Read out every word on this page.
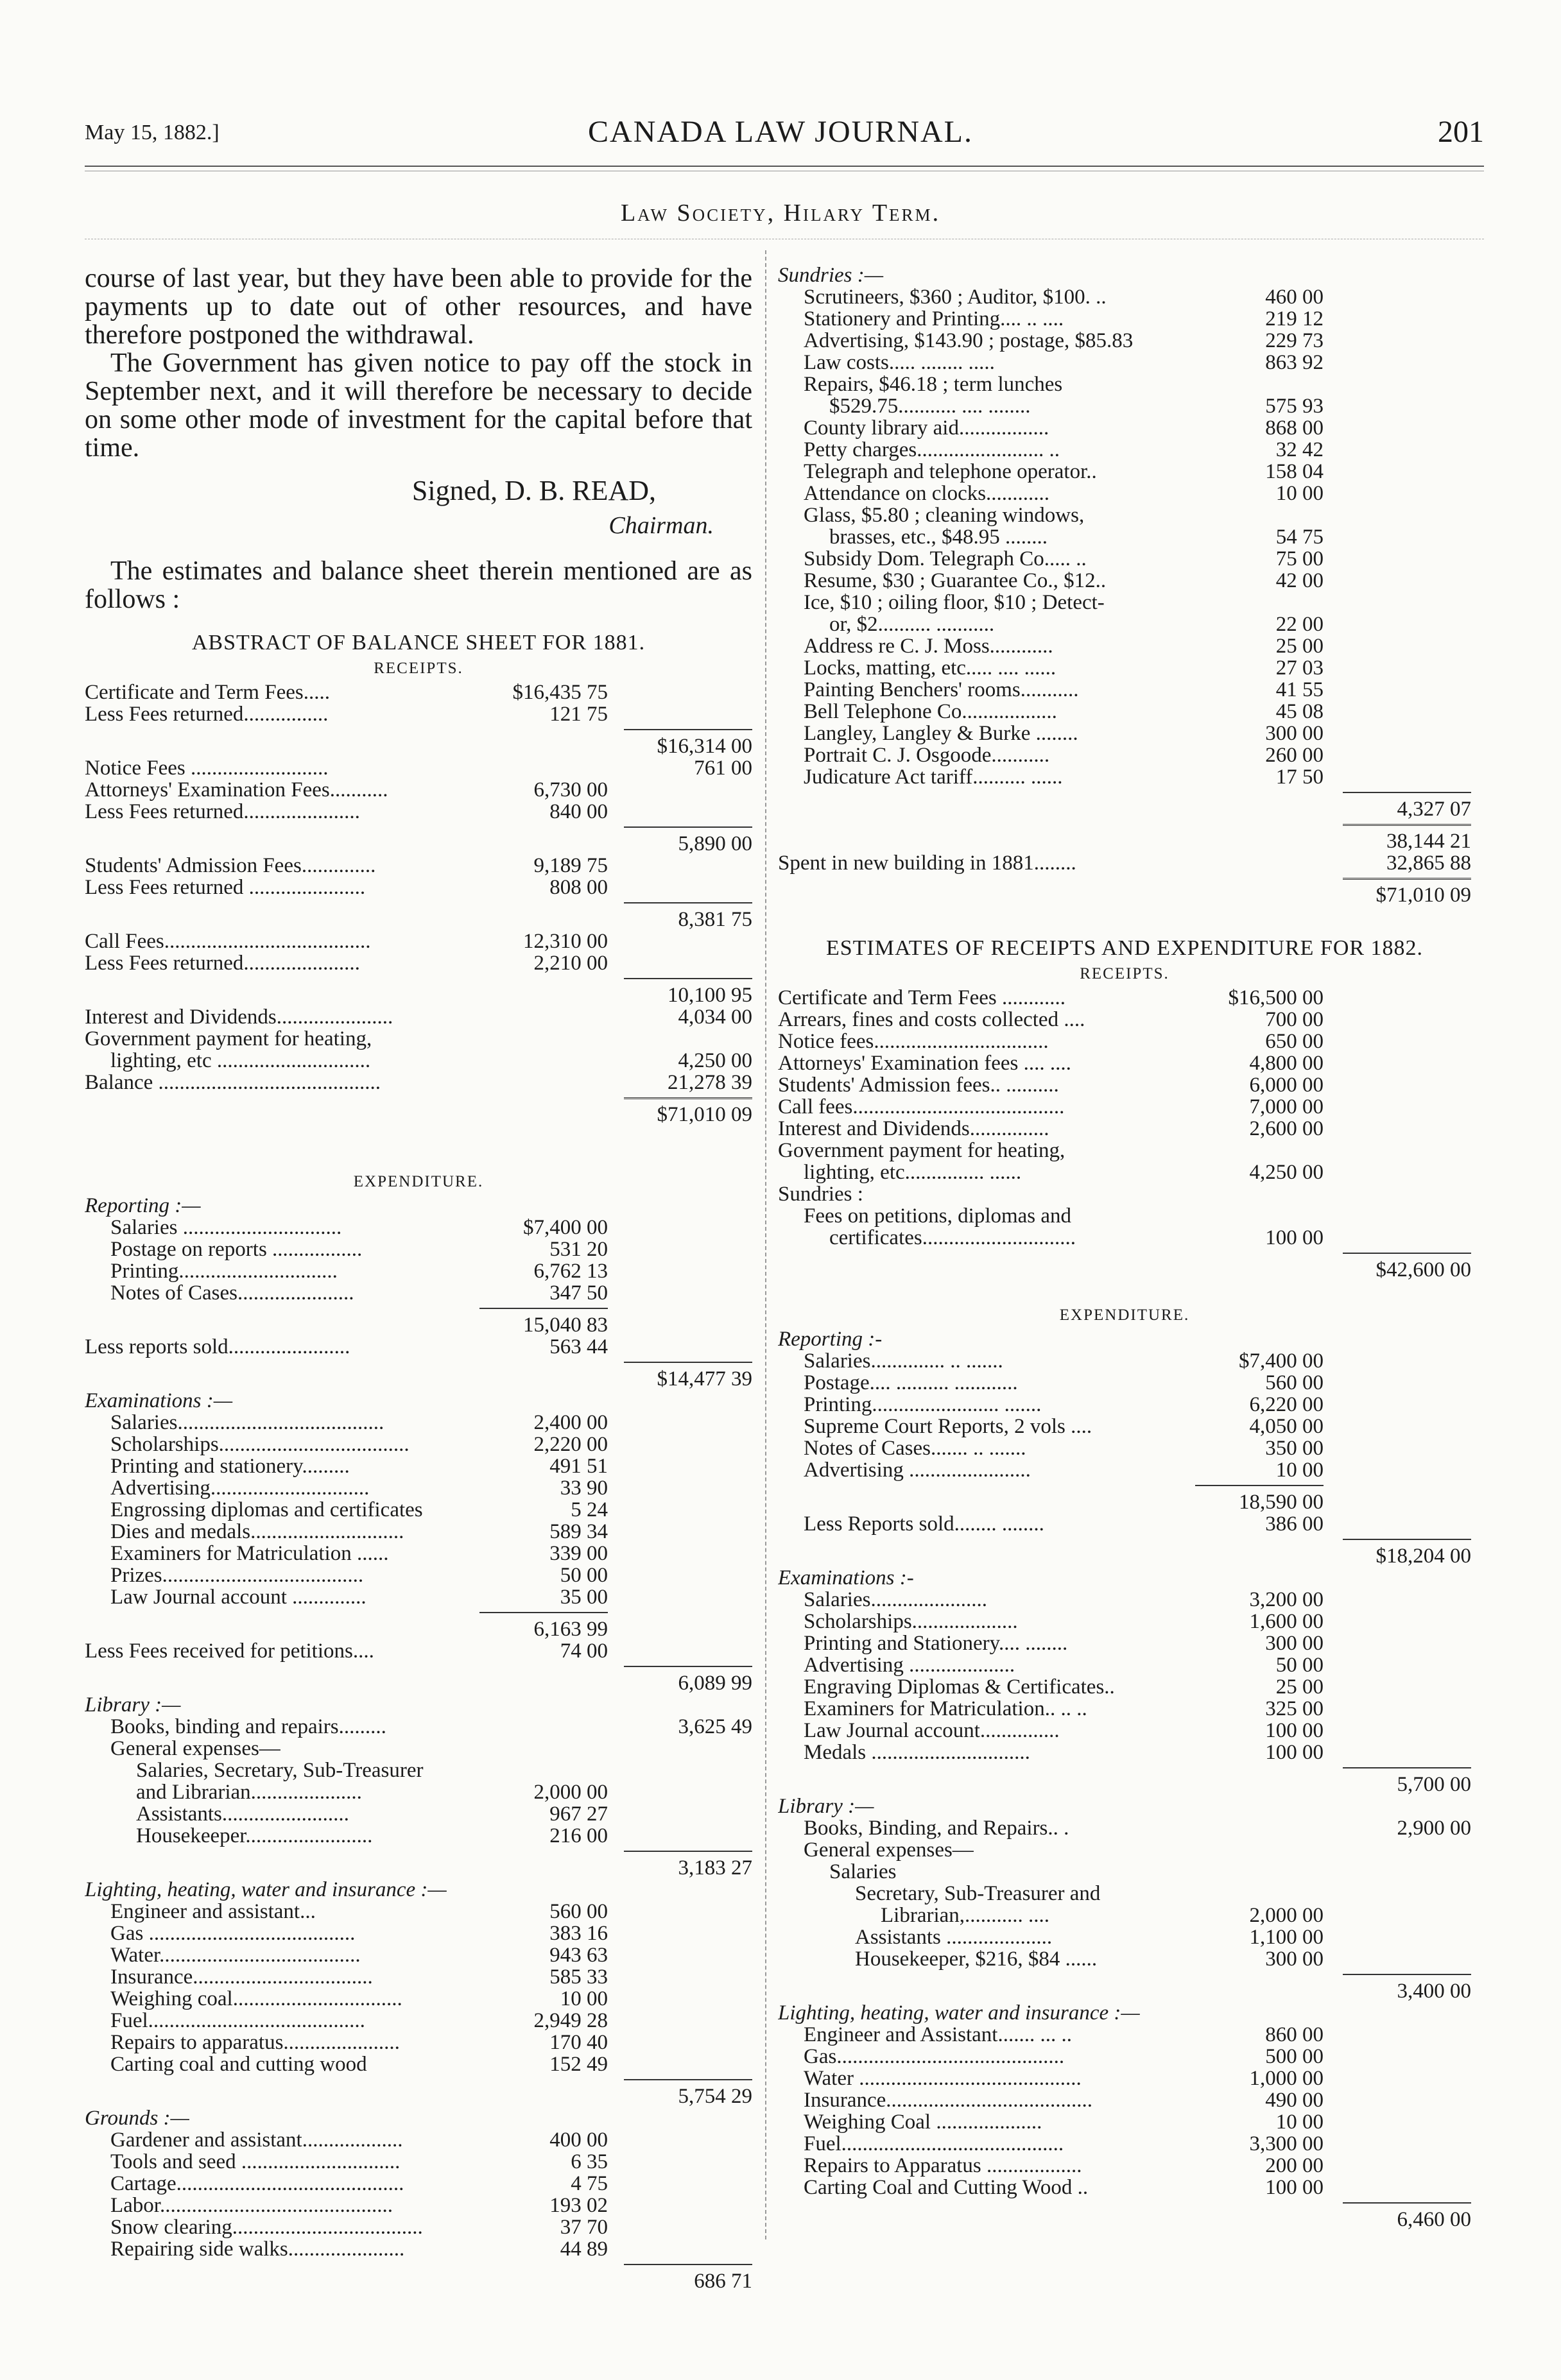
May 15, 1882.]	CANADA LAW JOURNAL.	201
Law Society, Hilary Term.

course of last year, but they have been able to provide for the payments up to date out of other resources, and have therefore postponed the withdrawal.

The Government has given notice to pay off the stock in September next, and it will therefore be necessary to decide on some other mode of investment for the capital before that time.

Signed, D. B. READ,
Chairman.

The estimates and balance sheet therein mentioned are as follows :

ABSTRACT OF BALANCE SHEET FOR 1881.

RECEIPTS.
Certificate and Term Fees.....	$16,435 75
Less Fees returned................	121 75
$16,314 00
Notice Fees ..........................	761 00
Attorneys' Examination Fees...........	6,730 00
Less Fees returned......................	840 00
5,890 00
Students' Admission Fees..............	9,189 75
Less Fees returned ......................	808 00
8,381 75
Call Fees.......................................	12,310 00
Less Fees returned......................	2,210 00
10,100 95
Interest and Dividends......................	4,034 00
Government payment for heating,
lighting, etc .............................	4,250 00
Balance ..........................................	21,278 39
$71,010 09
EXPENDITURE.
Reporting :—
Salaries ..............................	$7,400 00
Postage on reports .................	531 20
Printing..............................	6,762 13
Notes of Cases......................	347 50
15,040 83
Less reports sold.......................	563 44
$14,477 39
Examinations :—
Salaries.......................................	2,400 00
Scholarships....................................	2,220 00
Printing and stationery.........	491 51
Advertising..............................	33 90
Engrossing diplomas and certificates	5 24
Dies and medals.............................	589 34
Examiners for Matriculation ......	339 00
Prizes......................................	50 00
Law Journal account ..............	35 00
6,163 99
Less Fees received for petitions....	74 00
6,089 99
Library :—
Books, binding and repairs.........	3,625 49
General expenses—
Salaries, Secretary, Sub-Treasurer
and Librarian.....................	2,000 00
Assistants........................	967 27
Housekeeper........................	216 00
3,183 27
Lighting, heating, water and insurance :—
Engineer and assistant...	560 00
Gas .......................................	383 16
Water......................................	943 63
Insurance..................................	585 33
Weighing coal................................	10 00
Fuel.........................................	2,949 28
Repairs to apparatus......................	170 40
Carting coal and cutting wood	152 49
5,754 29
Grounds :—
Gardener and assistant...................	400 00
Tools and seed ..............................	6 35
Cartage...........................................	4 75
Labor............................................	193 02
Snow clearing....................................	37 70
Repairing side walks......................	44 89
686 71
Sundries :—
Scrutineers, $360 ; Auditor, $100. ..	460 00
Stationery and Printing.... .. ....	219 12
Advertising, $143.90 ; postage, $85.83	229 73
Law costs..... ........ .....	863 92
Repairs, $46.18 ; term lunches
$529.75........... .... ........	575 93
County library aid.................	868 00
Petty charges........................ ..	32 42
Telegraph and telephone operator..	158 04
Attendance on clocks............	10 00
Glass, $5.80 ; cleaning windows,
brasses, etc., $48.95 ........	54 75
Subsidy Dom. Telegraph Co..... ..	75 00
Resume, $30 ; Guarantee Co., $12..	42 00
Ice, $10 ; oiling floor, $10 ; Detect-
or, $2.......... ...........	22 00
Address re C. J. Moss............	25 00
Locks, matting, etc..... .... ......	27 03
Painting Benchers' rooms...........	41 55
Bell Telephone Co..................	45 08
Langley, Langley & Burke ........	300 00
Portrait C. J. Osgoode...........	260 00
Judicature Act tariff.......... ......	17 50
4,327 07
38,144 21
Spent in new building in 1881........	32,865 88
$71,010 09

ESTIMATES OF RECEIPTS AND EXPENDITURE FOR 1882.

RECEIPTS.
Certificate and Term Fees ............	$16,500 00
Arrears, fines and costs collected ....	700 00
Notice fees.................................	650 00
Attorneys' Examination fees .... ....	4,800 00
Students' Admission fees.. ..........	6,000 00
Call fees........................................	7,000 00
Interest and Dividends...............	2,600 00
Government payment for heating,
lighting, etc............... ......	4,250 00
Sundries :
Fees on petitions, diplomas and
certificates.............................	100 00
$42,600 00
EXPENDITURE.
Reporting :-
Salaries.............. .. .......	$7,400 00
Postage.... .......... ............	560 00
Printing........................ .......	6,220 00
Supreme Court Reports, 2 vols ....	4,050 00
Notes of Cases....... .. .......	350 00
Advertising .......................	10 00
18,590 00
Less Reports sold........ ........	386 00
$18,204 00
Examinations :-
Salaries......................	3,200 00
Scholarships....................	1,600 00
Printing and Stationery.... ........	300 00
Advertising ....................	50 00
Engraving Diplomas & Certificates..	25 00
Examiners for Matriculation.. .. ..	325 00
Law Journal account...............	100 00
Medals ..............................	100 00
5,700 00
Library :—
Books, Binding, and Repairs.. .	2,900 00
General expenses—
Salaries
Secretary, Sub-Treasurer and
Librarian,........... ....	2,000 00
Assistants ....................	1,100 00
Housekeeper, $216, $84 ......	300 00
3,400 00
Lighting, heating, water and insurance :—
Engineer and Assistant....... ... ..	860 00
Gas...........................................	500 00
Water ..........................................	1,000 00
Insurance.......................................	490 00
Weighing Coal ....................	10 00
Fuel..........................................	3,300 00
Repairs to Apparatus ..................	200 00
Carting Coal and Cutting Wood ..	100 00
6,460 00
